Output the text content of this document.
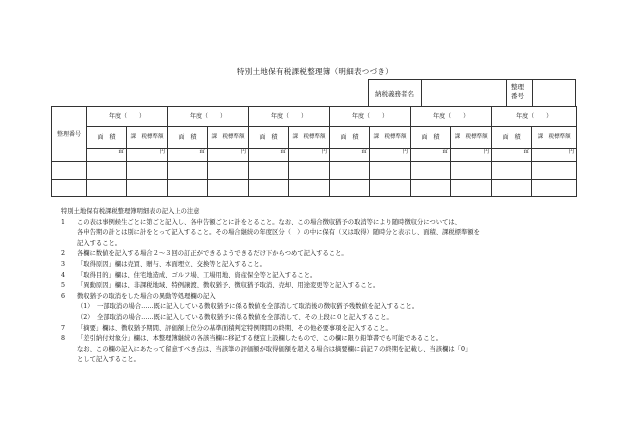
特別土地保有税課税整理簿（明細表つづき）
納税義務者名
整理番号
整理番号	年度（　　）		年度（　　）		年度（　　）		年度（　　）		年度（　　）		年度（　　）	
	面　積	課　税標準額	面　積	課　税標準額	面　積	課　税標準額	面　積	課　税標準額	面　積	課　税標準額	面　積	課　税標準額
	㎡	円	㎡	円	㎡	円	㎡	円	㎡	円	㎡	円

特別土地保有税課税整理簿明細表の記入上の注意
1 この表は事例候生ごとに第ごと記入し、各申告額ごとに計をとること。なお、この場合徴収猶予の取消等により随時徴収分については、
各申告期の計とは別に計をとって記入すること。その場合継続の年度区分（　）の中に保有（又は取得）随時分と表示し、面積、課税標準額を
記入すること。
2 各欄に数値を記入する場合２〜３回の訂正ができるようできるだけ下からつめて記入すること。
3 「取得原因」欄は売買、贈与、本面埋立、交換等と記入すること。
4 「取得目的」欄は、住宅地造成、ゴルフ場、工場用地、資産保全等と記入すること。
5 「異動原因」欄は、非課税地域、特例譲渡、徴収猶予、徴収猶予取消、売却、用途変更等と記入すること。
6 徴収猶予の取消をした場合の異動等処理欄の記入
（1） 一部取消の場合……既に記入している徴収猶予に係る数値を全部消して取消後の徴収猶予残数値を記入すること。
（2） 全部取消の場合……既に記入している徴収猶予に係る数値を全部消して、その上段に０と記入すること。
7 「摘要」欄は、徴収猶予期間、評価額上位分の基準面積判定特例期間の終期、その他必要事項を記入すること。
8 「差引納付対象分」欄は、本整理簿継続の各該当欄に移記する便宜上設欄したもので、この欄に限り鉛筆書でも可能であること。
なお、この欄の記入にあたって留意すべき点は、当該筆の評価額が取得価額を超える場合は摘要欄に前記７の終期を記載し、当該欄は「0」
として記入すること。
